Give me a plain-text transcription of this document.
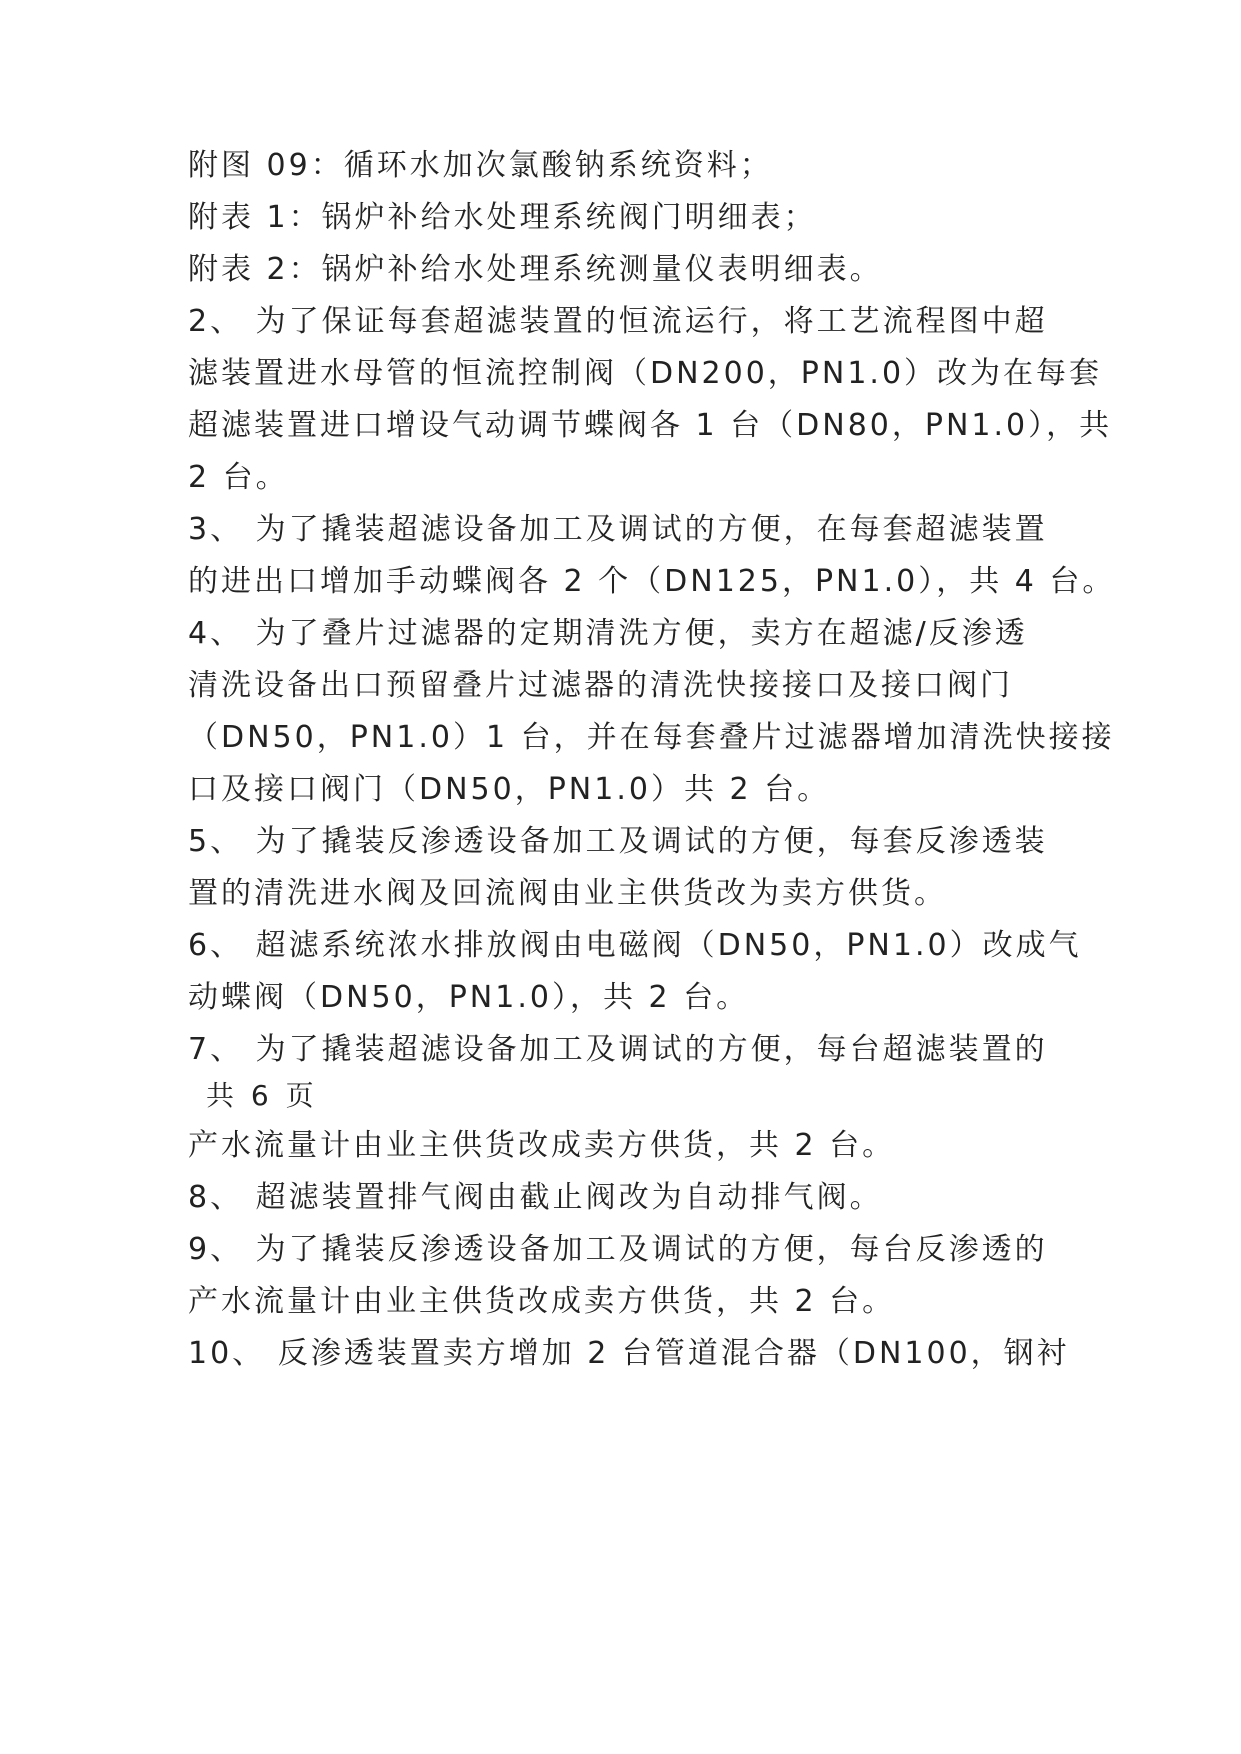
附图 09：循环水加次氯酸钠系统资料；
附表 1：锅炉补给水处理系统阀门明细表；
附表 2：锅炉补给水处理系统测量仪表明细表。
2、 为了保证每套超滤装置的恒流运行，将工艺流程图中超
滤装置进水母管的恒流控制阀（DN200，PN1.0）改为在每套
超滤装置进口增设气动调节蝶阀各 1 台（DN80，PN1.0），共
2 台。
3、 为了撬装超滤设备加工及调试的方便，在每套超滤装置
的进出口增加手动蝶阀各 2 个（DN125，PN1.0），共 4 台。
4、 为了叠片过滤器的定期清洗方便，卖方在超滤/反渗透
清洗设备出口预留叠片过滤器的清洗快接接口及接口阀门
（DN50，PN1.0）1 台，并在每套叠片过滤器增加清洗快接接
口及接口阀门（DN50，PN1.0）共 2 台。
5、 为了撬装反渗透设备加工及调试的方便，每套反渗透装
置的清洗进水阀及回流阀由业主供货改为卖方供货。
6、 超滤系统浓水排放阀由电磁阀（DN50，PN1.0）改成气
动蝶阀（DN50，PN1.0），共 2 台。
7、 为了撬装超滤设备加工及调试的方便，每台超滤装置的
共 6 页
产水流量计由业主供货改成卖方供货，共 2 台。
8、 超滤装置排气阀由截止阀改为自动排气阀。
9、 为了撬装反渗透设备加工及调试的方便，每台反渗透的
产水流量计由业主供货改成卖方供货，共 2 台。
10、 反渗透装置卖方增加 2 台管道混合器（DN100，钢衬
